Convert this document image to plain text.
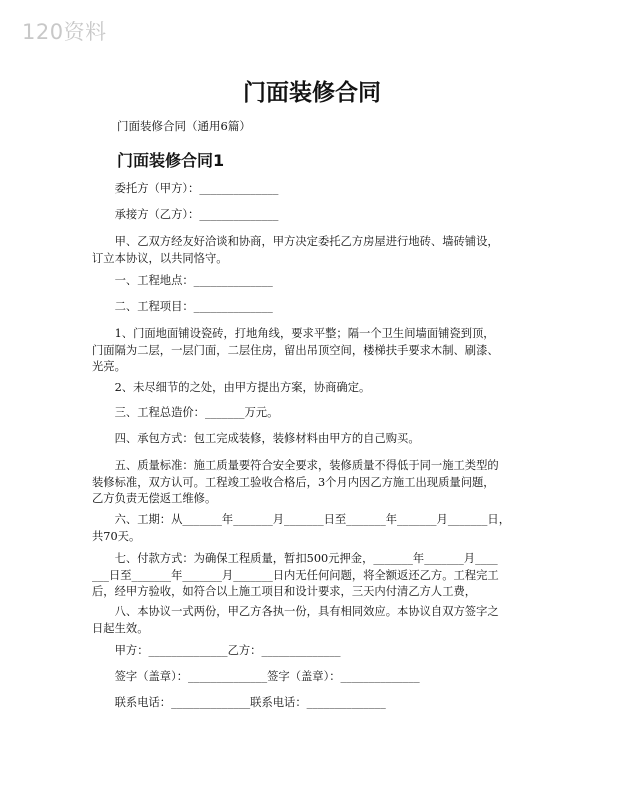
120资料
门面装修合同
门面装修合同（通用6篇）
门面装修合同1
　　委托方（甲方）：______________
　　承接方（乙方）：______________
　　甲、乙双方经友好洽谈和协商，甲方决定委托乙方房屋进行地砖、墙砖铺设，
订立本协议，以共同恪守。
　　一、工程地点：______________
　　二、工程项目：______________
　　1、门面地面铺设瓷砖，打地角线，要求平整；隔一个卫生间墙面铺瓷到顶，
门面隔为二层，一层门面，二层住房，留出吊顶空间，楼梯扶手要求木制、刷漆、
光亮。
　　2、未尽细节的之处，由甲方提出方案，协商确定。
　　三、工程总造价：_______万元。
　　四、承包方式：包工完成装修，装修材料由甲方的自己购买。
　　五、质量标准：施工质量要符合安全要求，装修质量不得低于同一施工类型的
装修标准，双方认可。工程竣工验收合格后，3个月内因乙方施工出现质量问题，
乙方负责无偿返工维修。
　　六、工期：从_______年_______月_______日至_______年_______月_______日，
共70天。
　　七、付款方式：为确保工程质量，暂扣500元押金，_______年_______月____
___日至_______年_______月_______日内无任何问题，将全额返还乙方。工程完工
后，经甲方验收，如符合以上施工项目和设计要求，三天内付清乙方人工费，
　　八、本协议一式两份，甲乙方各执一份，具有相同效应。本协议自双方签字之
日起生效。
　　甲方：______________乙方：______________
　　签字（盖章）：______________签字（盖章）：______________
　　联系电话：______________联系电话：______________
